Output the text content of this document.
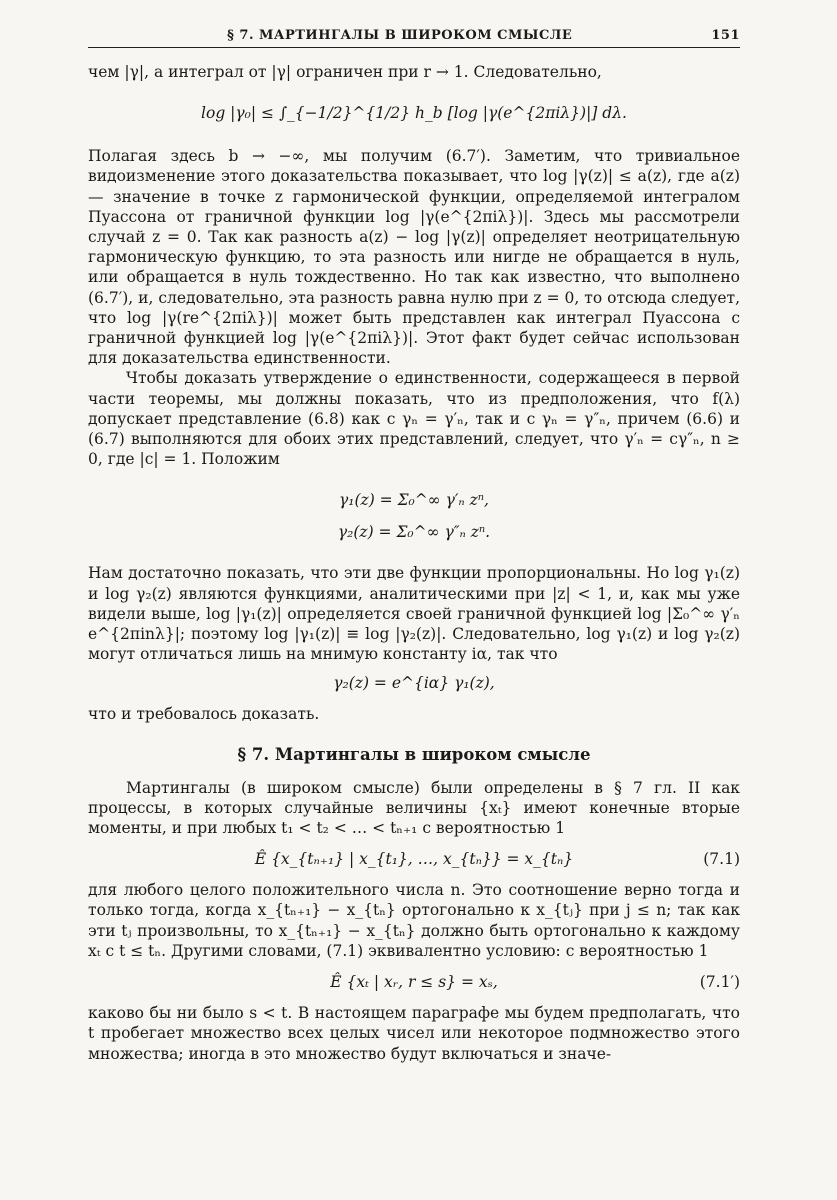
§ 7. МАРТИНГАЛЫ В ШИРОКОМ СМЫСЛЕ	151

чем |γ|, а интеграл от |γ| ограничен при r → 1. Следовательно,

log |γ₀| ≤ ∫_{−1/2}^{1/2} h_b [log |γ(e^{2πiλ})|] dλ.

Полагая здесь b → −∞, мы получим (6.7′). Заметим, что тривиальное видоизменение этого доказательства показывает, что log |γ(z)| ≤ a(z), где a(z) — значение в точке z гармонической функции, определяемой интегралом Пуассона от граничной функции log |γ(e^{2πiλ})|. Здесь мы рассмотрели случай z = 0. Так как разность a(z) − log |γ(z)| определяет неотрицательную гармоническую функцию, то эта разность или нигде не обращается в нуль, или обращается в нуль тождественно. Но так как известно, что выполнено (6.7′), и, следовательно, эта разность равна нулю при z = 0, то отсюда следует, что log |γ(re^{2πiλ})| может быть представлен как интеграл Пуассона с граничной функцией log |γ(e^{2πiλ})|. Этот факт будет сейчас использован для доказательства единственности.

Чтобы доказать утверждение о единственности, содержащееся в первой части теоремы, мы должны показать, что из предположения, что f(λ) допускает представление (6.8) как с γₙ = γ′ₙ, так и с γₙ = γ″ₙ, причем (6.6) и (6.7) выполняются для обоих этих представлений, следует, что γ′ₙ = cγ″ₙ, n ≥ 0, где |c| = 1. Положим

γ₁(z) = Σ₀^∞ γ′ₙ zⁿ,
γ₂(z) = Σ₀^∞ γ″ₙ zⁿ.

Нам достаточно показать, что эти две функции пропорциональны. Но log γ₁(z) и log γ₂(z) являются функциями, аналитическими при |z| < 1, и, как мы уже видели выше, log |γ₁(z)| определяется своей граничной функцией log |Σ₀^∞ γ′ₙ e^{2πinλ}|; поэтому log |γ₁(z)| ≡ log |γ₂(z)|. Следовательно, log γ₁(z) и log γ₂(z) могут отличаться лишь на мнимую константу iα, так что

γ₂(z) = e^{iα} γ₁(z),

что и требовалось доказать.

§ 7. Мартингалы в широком смысле

Мартингалы (в широком смысле) были определены в § 7 гл. II как процессы, в которых случайные величины {xₜ} имеют конечные вторые моменты, и при любых t₁ < t₂ < … < tₙ₊₁ с вероятностью 1

Ê {x_{tₙ₊₁} | x_{t₁}, …, x_{tₙ}} = x_{tₙ}	(7.1)

для любого целого положительного числа n. Это соотношение верно тогда и только тогда, когда x_{tₙ₊₁} − x_{tₙ} ортогонально к x_{tⱼ} при j ≤ n; так как эти tⱼ произвольны, то x_{tₙ₊₁} − x_{tₙ} должно быть ортогонально к каждому xₜ с t ≤ tₙ. Другими словами, (7.1) эквивалентно условию: с вероятностью 1

Ê {xₜ | xᵣ, r ≤ s} = xₛ,	(7.1′)

каково бы ни было s < t. В настоящем параграфе мы будем предполагать, что t пробегает множество всех целых чисел или некоторое подмножество этого множества; иногда в это множество будут включаться и значе-
